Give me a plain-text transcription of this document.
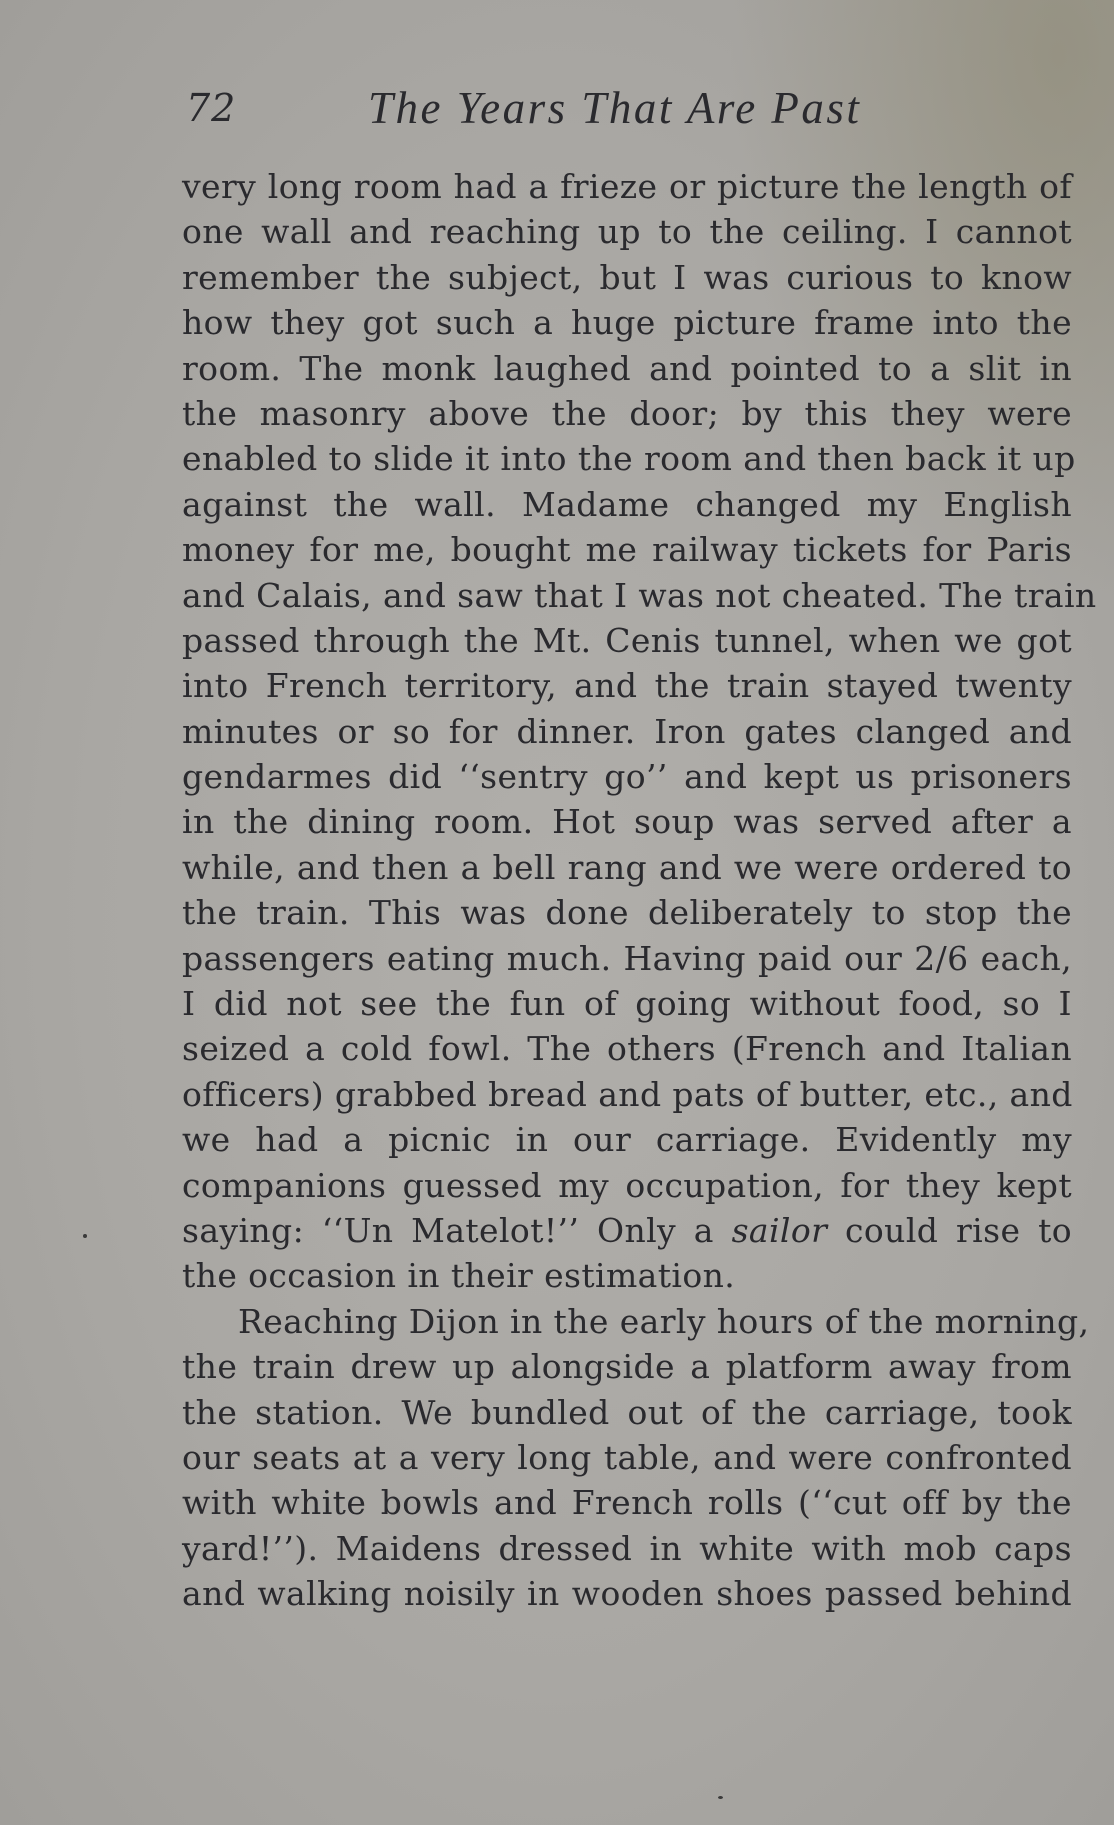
72	The Years That Are Past
very long room had a frieze or picture the length of
one wall and reaching up to the ceiling. I cannot
remember the subject, but I was curious to know
how they got such a huge picture frame into the
room. The monk laughed and pointed to a slit in
the masonry above the door; by this they were
enabled to slide it into the room and then back it up
against the wall. Madame changed my English
money for me, bought me railway tickets for Paris
and Calais, and saw that I was not cheated. The train
passed through the Mt. Cenis tunnel, when we got
into French territory, and the train stayed twenty
minutes or so for dinner. Iron gates clanged and
gendarmes did ‘‘sentry go’’ and kept us prisoners
in the dining room. Hot soup was served after a
while, and then a bell rang and we were ordered to
the train. This was done deliberately to stop the
passengers eating much. Having paid our 2/6 each,
I did not see the fun of going without food, so I
seized a cold fowl. The others (French and Italian
officers) grabbed bread and pats of butter, etc., and
we had a picnic in our carriage. Evidently my
companions guessed my occupation, for they kept
saying: ‘‘Un Matelot!’’ Only a sailor could rise to
the occasion in their estimation.
Reaching Dijon in the early hours of the morning,
the train drew up alongside a platform away from
the station. We bundled out of the carriage, took
our seats at a very long table, and were confronted
with white bowls and French rolls (‘‘cut off by the
yard!’’). Maidens dressed in white with mob caps
and walking noisily in wooden shoes passed behind
